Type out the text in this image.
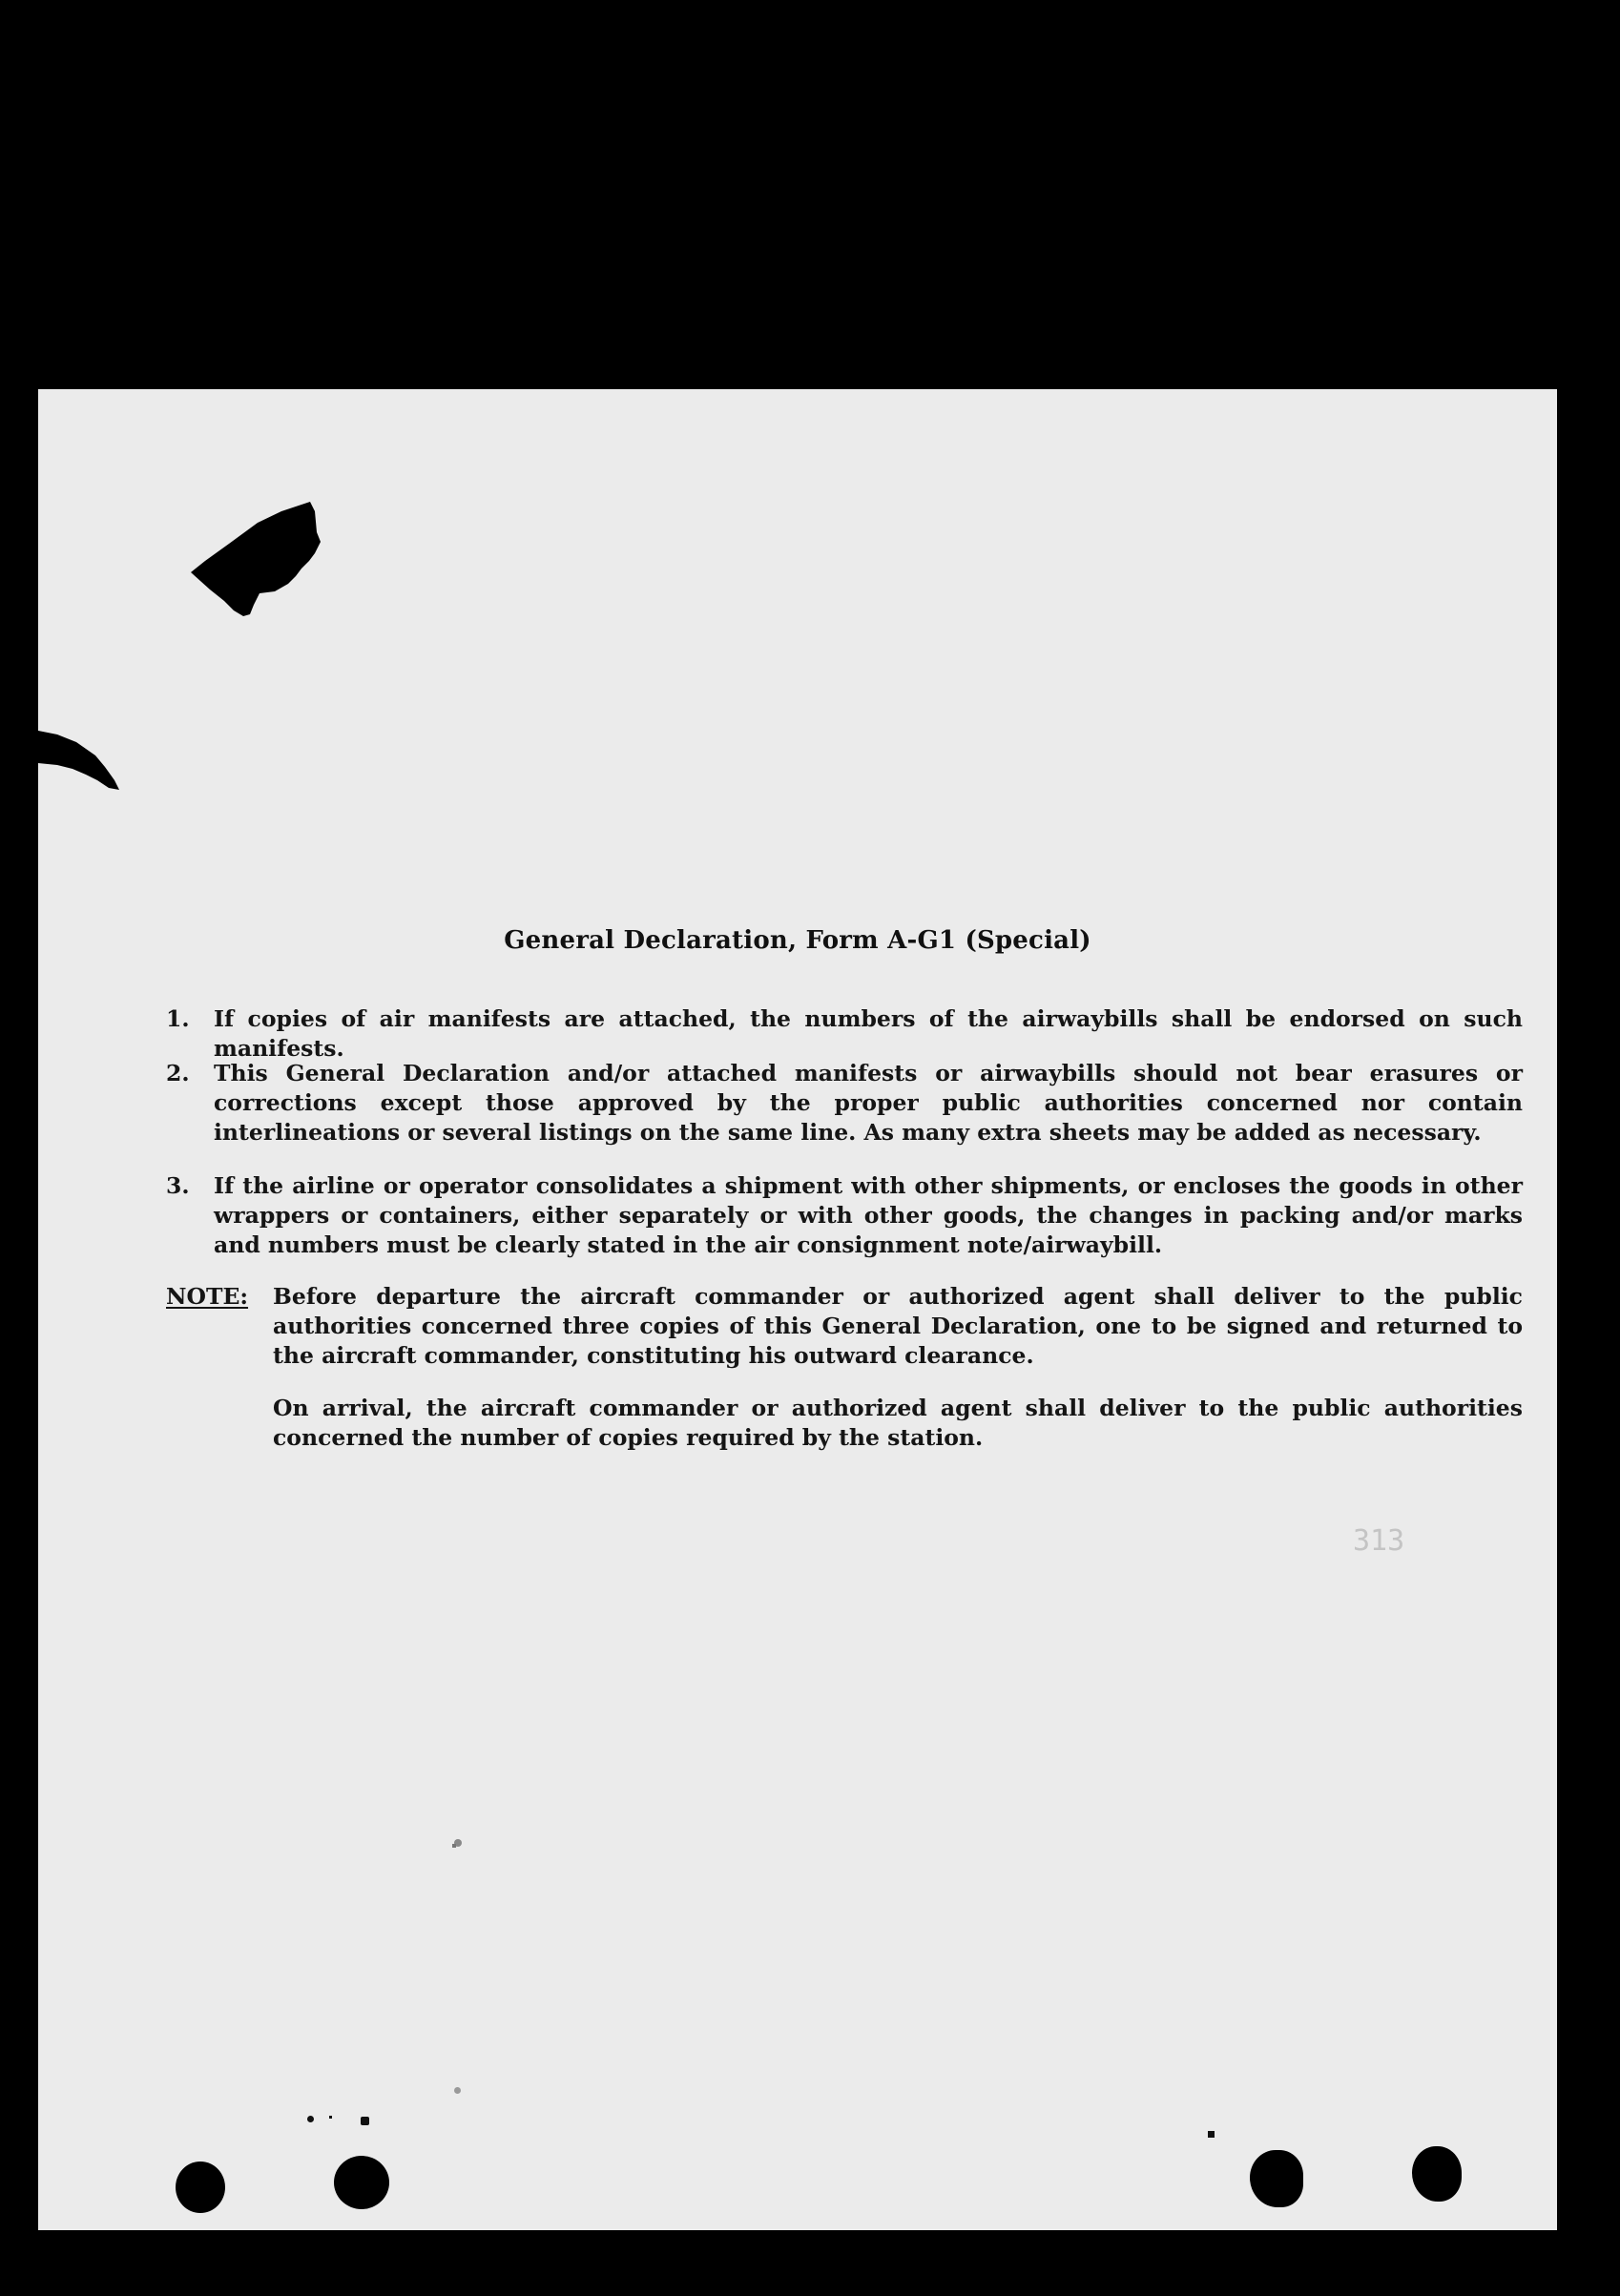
313
General Declaration, Form A-G1 (Special)
1. If copies of air manifests are attached, the numbers of the airwaybills shall be endorsed on such manifests.
2. This General Declaration and/or attached manifests or airwaybills should not bear erasures or corrections except those approved by the proper public authorities concerned nor contain interlineations or several listings on the same line. As many extra sheets may be added as necessary.
3. If the airline or operator consolidates a shipment with other shipments, or encloses the goods in other wrappers or containers, either separately or with other goods, the changes in packing and/or marks and numbers must be clearly stated in the air consignment note/airwaybill.
NOTE: Before departure the aircraft commander or authorized agent shall deliver to the public authorities concerned three copies of this General Declaration, one to be signed and returned to the aircraft commander, constituting his outward clearance.
On arrival, the aircraft commander or authorized agent shall deliver to the public authorities concerned the number of copies required by the station.
